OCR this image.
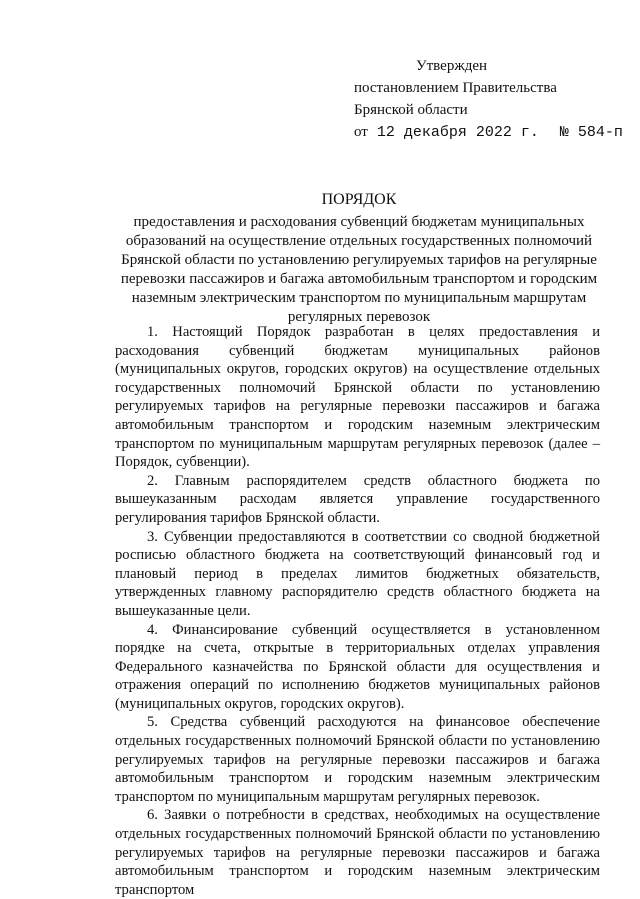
Утвержден
постановлением Правительства
Брянской области
от 12 декабря 2022 г. № 584-п
ПОРЯДОК
предоставления и расходования субвенций бюджетам муниципальных образований на осуществление отдельных государственных полномочий Брянской области по установлению регулируемых тарифов на регулярные перевозки пассажиров и багажа автомобильным транспортом и городским наземным электрическим транспортом по муниципальным маршрутам регулярных перевозок

1. Настоящий Порядок разработан в целях предоставления и расходования субвенций бюджетам муниципальных районов (муниципальных округов, городских округов) на осуществление отдельных государственных полномочий Брянской области по установлению регулируемых тарифов на регулярные перевозки пассажиров и багажа автомобильным транспортом и городским наземным электрическим транспортом по муниципальным маршрутам регулярных перевозок (далее – Порядок, субвенции).

2. Главным распорядителем средств областного бюджета по вышеуказанным расходам является управление государственного регулирования тарифов Брянской области.

3. Субвенции предоставляются в соответствии со сводной бюджетной росписью областного бюджета на соответствующий финансовый год и плановый период в пределах лимитов бюджетных обязательств, утвержденных главному распорядителю средств областного бюджета на вышеуказанные цели.

4. Финансирование субвенций осуществляется в установленном порядке на счета, открытые в территориальных отделах управления Федерального казначейства по Брянской области для осуществления и отражения операций по исполнению бюджетов муниципальных районов (муниципальных округов, городских округов).

5. Средства субвенций расходуются на финансовое обеспечение отдельных государственных полномочий Брянской области по установлению регулируемых тарифов на регулярные перевозки пассажиров и багажа автомобильным транспортом и городским наземным электрическим транспортом по муниципальным маршрутам регулярных перевозок.

6. Заявки о потребности в средствах, необходимых на осуществление отдельных государственных полномочий Брянской области по установлению регулируемых тарифов на регулярные перевозки пассажиров и багажа автомобильным транспортом и городским наземным электрическим транспортом
